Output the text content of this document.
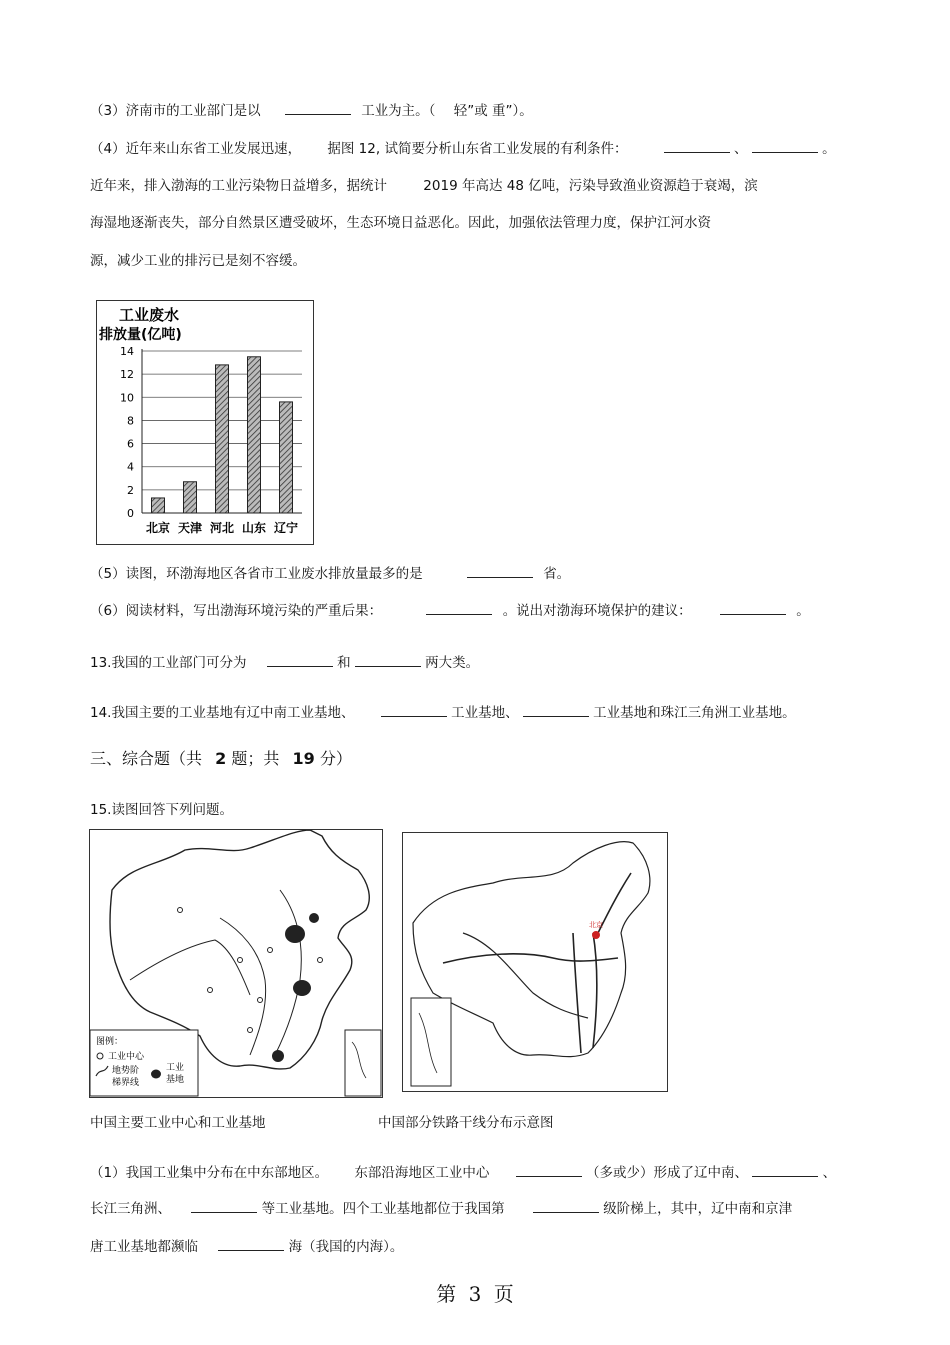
（3）济南市的工业部门是以	工业为主。（ 轻”或 重”）。
（4）近年来山东省工业发展迅速， 据图 12, 试简要分析山东省工业发展的有利条件：	、	。
近年来，排入渤海的工业污染物日益增多，据统计	2019 年高达 48 亿吨，污染导致渔业资源趋于衰竭，滨
海湿地逐渐丧失，部分自然景区遭受破坏，生态环境日益恶化。因此，加强依法管理力度，保护江河水资
源，减少工业的排污已是刻不容缓。
工业废水
排放量(亿吨)
14
12
10
8
6
4
2
0
北京 天津 河北 山东 辽宁
（5）读图，环渤海地区各省市工业废水排放量最多的是	省。
（6）阅读材料，写出渤海环境污染的严重后果：	。说出对渤海环境保护的建议：	。
13.我国的工业部门可分为	和	两大类。
14.我国主要的工业基地有辽中南工业基地、	工业基地、	工业基地和珠江三角洲工业基地。
三、综合题（共 2 题；共 19 分）
15.读图回答下列问题。
图例：
工业中心
地势阶
梯界线
工业
基地
北京
中国主要工业中心和工业基地	中国部分铁路干线分布示意图
（1）我国工业集中分布在中东部地区。 东部沿海地区工业中心	（多或少）形成了辽中南、	、
长江三角洲、	等工业基地。四个工业基地都位于我国第	级阶梯上，其中，辽中南和京津
唐工业基地都濒临	海（我国的内海）。
第 3 页
